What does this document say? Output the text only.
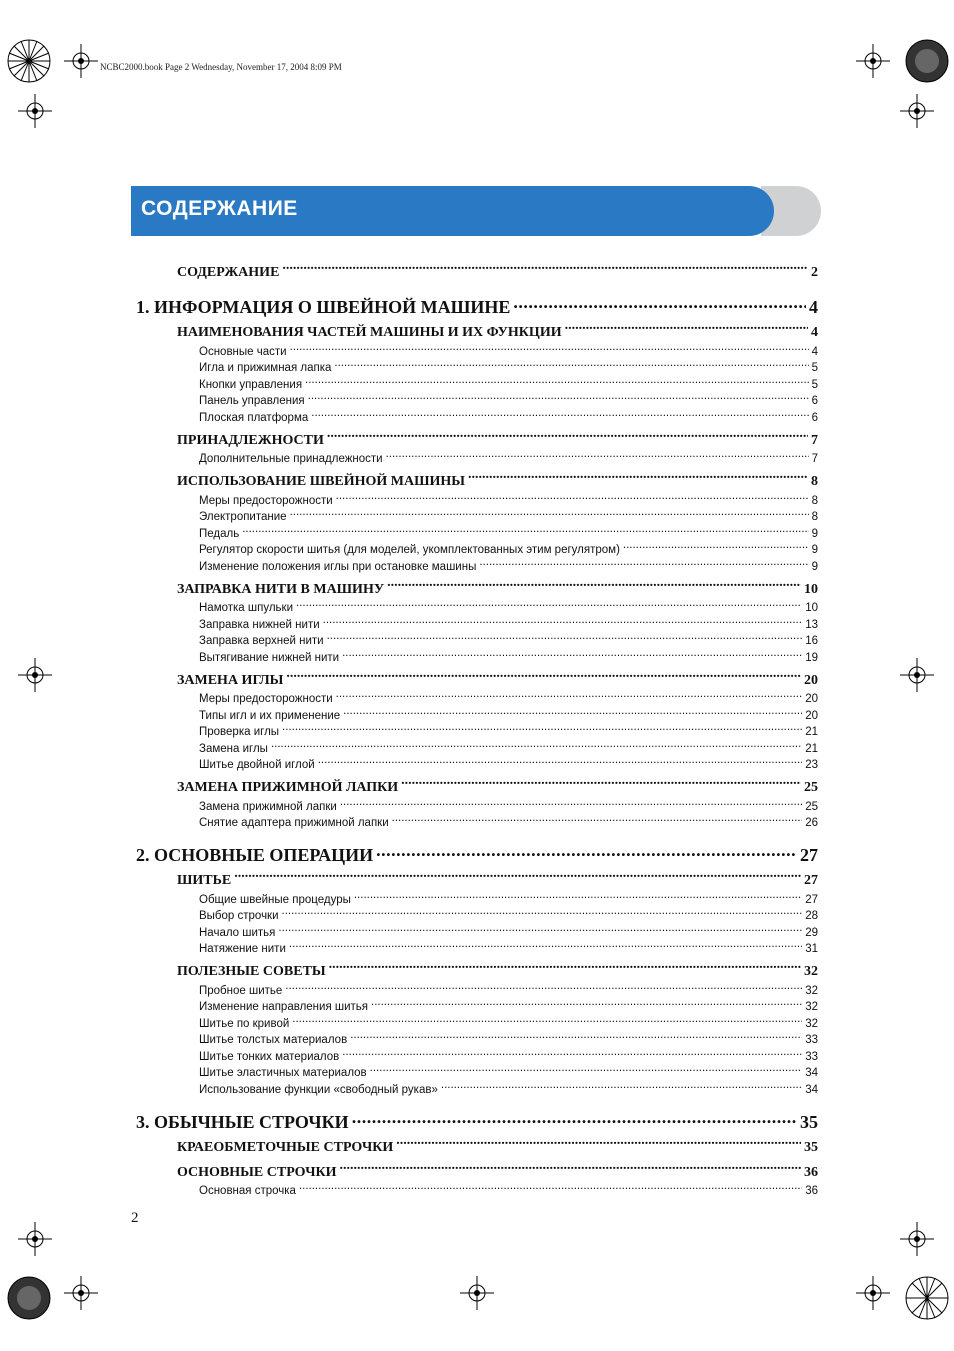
NCBC2000.book Page 2 Wednesday, November 17, 2004 8:09 PM
СОДЕРЖАНИЕ
СОДЕРЖАНИЕ .....	2
1. ИНФОРМАЦИЯ О ШВЕЙНОЙ МАШИНЕ .....	4
НАИМЕНОВАНИЯ ЧАСТЕЙ МАШИНЫ И ИХ ФУНКЦИИ .....	4
Основные части .....	4
Игла и прижимная лапка .....	5
Кнопки управления .....	5
Панель управления .....	6
Плоская платформа .....	6
ПРИНАДЛЕЖНОСТИ .....	7
Дополнительные принадлежности .....	7
ИСПОЛЬЗОВАНИЕ ШВЕЙНОЙ МАШИНЫ .....	8
Меры предосторожности .....	8
Электропитание .....	8
Педаль .....	9
Регулятор скорости шитья (для моделей, укомплектованных этим регулятром) .....	9
Изменение положения иглы при остановке машины .....	9
ЗАПРАВКА НИТИ В МАШИНУ .....	10
Намотка шпульки .....	10
Заправка нижней нити .....	13
Заправка верхней нити .....	16
Вытягивание нижней нити .....	19
ЗАМЕНА ИГЛЫ .....	20
Меры предосторожности .....	20
Типы игл и их применение .....	20
Проверка иглы .....	21
Замена иглы .....	21
Шитье двойной иглой .....	23
ЗАМЕНА ПРИЖИМНОЙ ЛАПКИ .....	25
Замена прижимной лапки .....	25
Снятие адаптера прижимной лапки .....	26
2. ОСНОВНЫЕ ОПЕРАЦИИ .....	27
ШИТЬЕ .....	27
Общие швейные процедуры .....	27
Выбор строчки .....	28
Начало шитья .....	29
Натяжение нити .....	31
ПОЛЕЗНЫЕ СОВЕТЫ .....	32
Пробное шитье .....	32
Изменение направления шитья .....	32
Шитье по кривой .....	32
Шитье толстых материалов .....	33
Шитье тонких материалов .....	33
Шитье эластичных материалов .....	34
Использование функции «свободный рукав» .....	34
3. ОБЫЧНЫЕ СТРОЧКИ .....	35
КРАЕОБМЕТОЧНЫЕ СТРОЧКИ .....	35
ОСНОВНЫЕ СТРОЧКИ .....	36
Основная строчка .....	36
2
